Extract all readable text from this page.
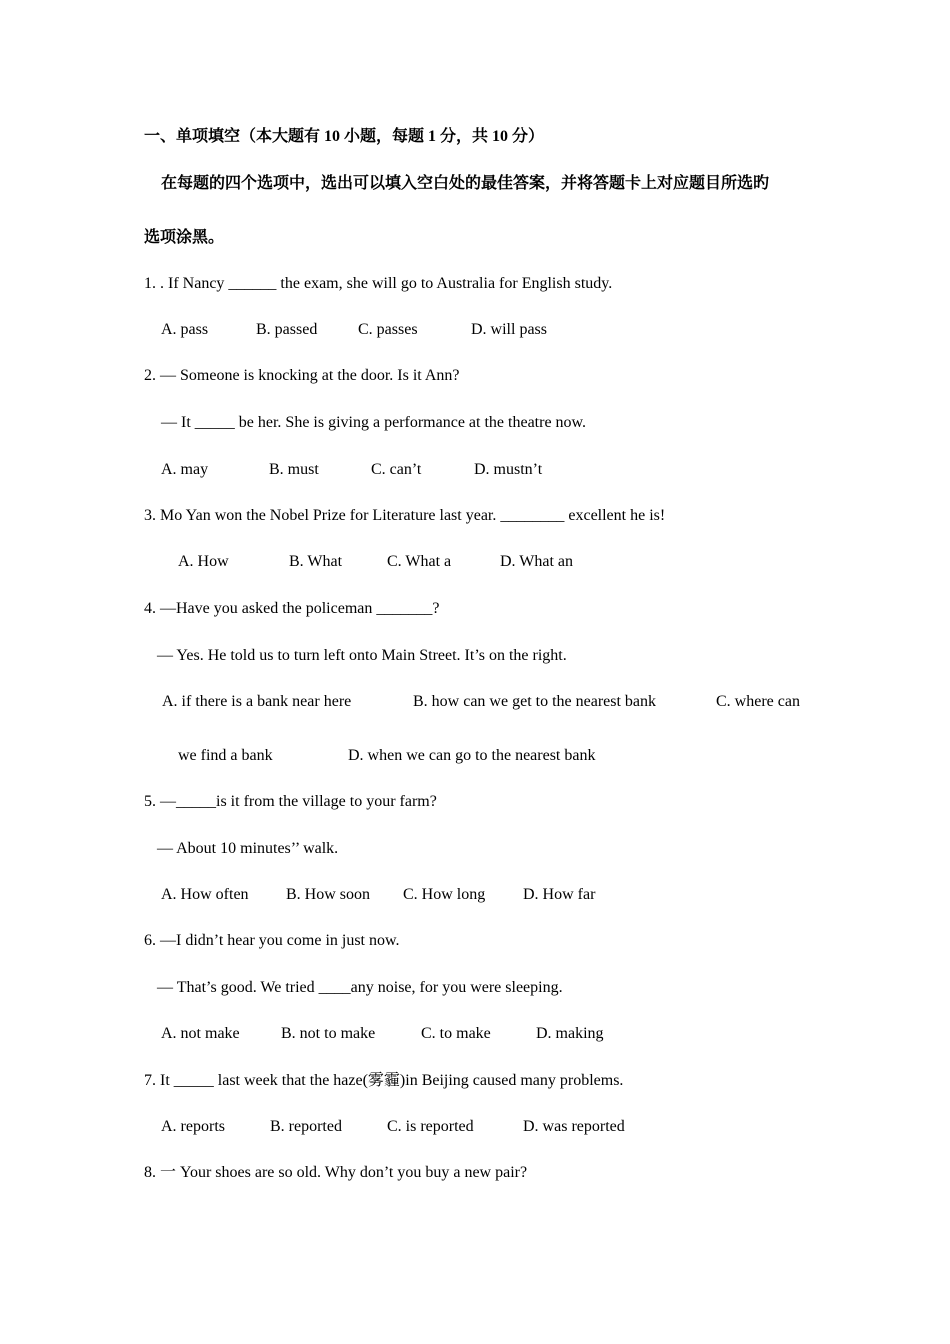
一、单项填空（本大题有 10 小题，每题 1 分，共 10 分）
在每题的四个选项中，选出可以填入空白处的最佳答案，并将答题卡上对应题目所选旳
选项涂黑。
1. . If Nancy ______ the exam, she will go to Australia for English study.
A. pass	B. passed	C. passes	D. will pass
2. — Someone is knocking at the door. Is it Ann?
— It _____ be her. She is giving a performance at the theatre now.
A. may	B. must	C. can’t	D. mustn’t
3. Mo Yan won the Nobel Prize for Literature last year. ________ excellent he is!
A. How	B. What	C. What a	D. What an
4. —Have you asked the policeman _______?
— Yes. He told us to turn left onto Main Street. It’s on the right.
A. if there is a bank near here	B. how can we get to the nearest bank	C. where can
we find a bank	D. when we can go to the nearest bank
5. —_____is it from the village to your farm?
— About 10 minutes’’ walk.
A. How often B. How soon C. How long D. How far
6. —I didn’t hear you come in just now.
— That’s good. We tried ____any noise, for you were sleeping.
A. not make	B. not to make	C. to make	D. making
7. It _____ last week that the haze(雾霾)in Beijing caused many problems.
A. reports	B. reported	C. is reported	D. was reported
8. 一 Your shoes are so old. Why don’t you buy a new pair?
